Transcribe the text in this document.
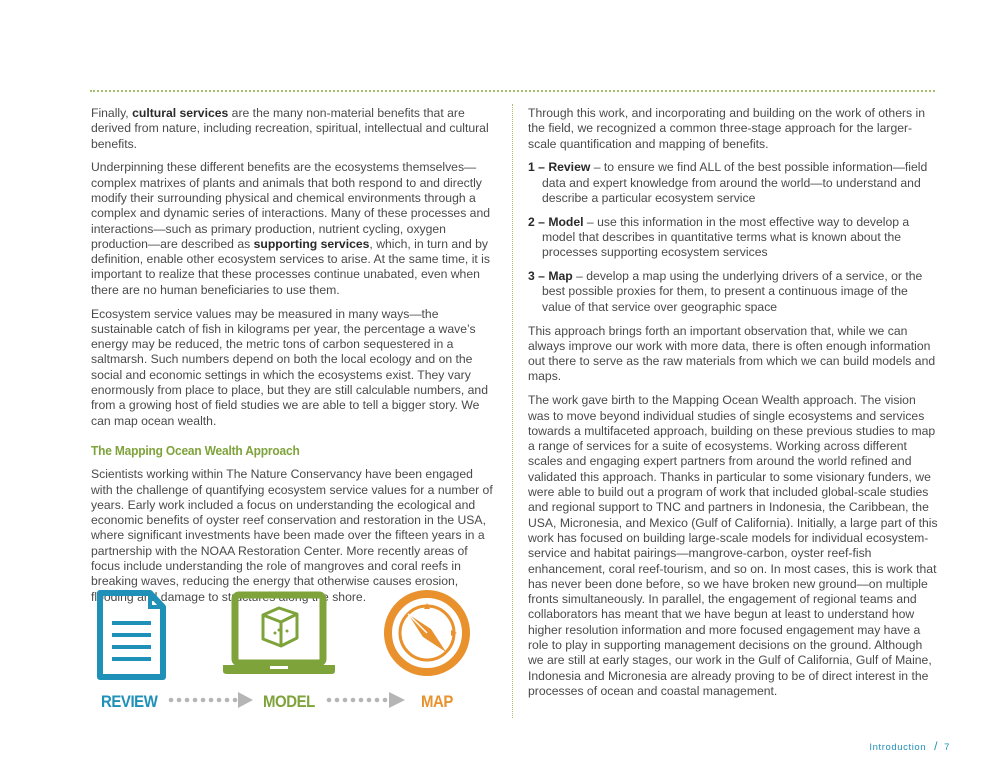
Finally, cultural services are the many non-material benefits that are derived from nature, including recreation, spiritual, intellectual and cultural benefits.

Underpinning these different benefits are the ecosystems themselves—complex matrixes of plants and animals that both respond to and directly modify their surrounding physical and chemical environments through a complex and dynamic series of interactions. Many of these processes and interactions—such as primary production, nutrient cycling, oxygen production—are described as supporting services, which, in turn and by definition, enable other ecosystem services to arise. At the same time, it is important to realize that these processes continue unabated, even when there are no human beneficiaries to use them.

Ecosystem service values may be measured in many ways—the sustainable catch of fish in kilograms per year, the percentage a wave’s energy may be reduced, the metric tons of carbon sequestered in a saltmarsh. Such numbers depend on both the local ecology and on the social and economic settings in which the ecosystems exist. They vary enormously from place to place, but they are still calculable numbers, and from a growing host of field studies we are able to tell a bigger story. We can map ocean wealth.

The Mapping Ocean Wealth Approach

Scientists working within The Nature Conservancy have been engaged with the challenge of quantifying ecosystem service values for a number of years. Early work included a focus on understanding the ecological and economic benefits of oyster reef conservation and restoration in the USA, where significant investments have been made over the fifteen years in a partnership with the NOAA Restoration Center. More recently areas of focus include understanding the role of mangroves and coral reefs in breaking waves, reducing the energy that otherwise causes erosion, flooding and damage to structures along the shore.

Through this work, and incorporating and building on the work of others in the field, we recognized a common three-stage approach for the larger-scale quantification and mapping of benefits.

1 – Review – to ensure we find ALL of the best possible information—field data and expert knowledge from around the world—to understand and describe a particular ecosystem service
2 – Model – use this information in the most effective way to develop a model that describes in quantitative terms what is known about the processes supporting ecosystem services
3 – Map – develop a map using the underlying drivers of a service, or the best possible proxies for them, to present a continuous image of the value of that service over geographic space

This approach brings forth an important observation that, while we can always improve our work with more data, there is often enough information out there to serve as the raw materials from which we can build models and maps.

The work gave birth to the Mapping Ocean Wealth approach. The vision was to move beyond individual studies of single ecosystems and services towards a multifaceted approach, building on these previous studies to map a range of services for a suite of ecosystems. Working across different scales and engaging expert partners from around the world refined and validated this approach. Thanks in particular to some visionary funders, we were able to build out a program of work that included global-scale studies and regional support to TNC and partners in Indonesia, the Caribbean, the USA, Micronesia, and Mexico (Gulf of California). Initially, a large part of this work has focused on building large-scale models for individual ecosystem-service and habitat pairings—mangrove-carbon, oyster reef-fish enhancement, coral reef-tourism, and so on. In most cases, this is work that has never been done before, so we have broken new ground—on multiple fronts simultaneously. In parallel, the engagement of regional teams and collaborators has meant that we have begun at least to understand how higher resolution information and more focused engagement may have a role to play in supporting management decisions on the ground. Although we are still at early stages, our work in the Gulf of California, Gulf of Maine, Indonesia and Micronesia are already proving to be of direct interest in the processes of ocean and coastal management.

REVIEW	MODEL	MAP
Introduction / 7
